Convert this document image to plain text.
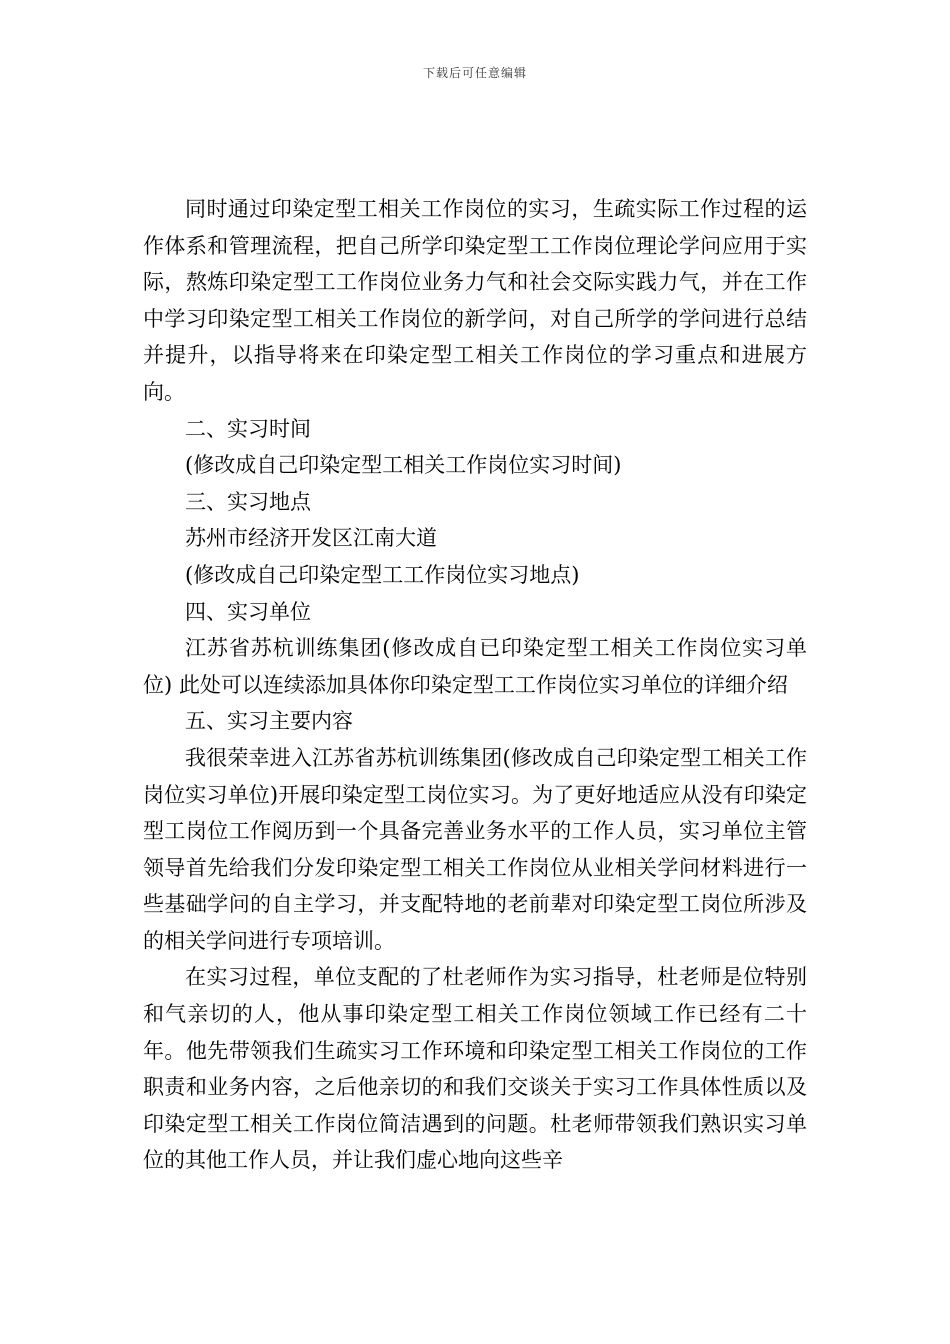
下载后可任意编辑

同时通过印染定型工相关工作岗位的实习，生疏实际工作过程的运作体系和管理流程，把自己所学印染定型工工作岗位理论学问应用于实际，熬炼印染定型工工作岗位业务力气和社会交际实践力气，并在工作中学习印染定型工相关工作岗位的新学问，对自己所学的学问进行总结并提升，以指导将来在印染定型工相关工作岗位的学习重点和进展方向。

二、实习时间

(修改成自己印染定型工相关工作岗位实习时间)

三、实习地点

苏州市经济开发区江南大道

(修改成自己印染定型工工作岗位实习地点)

四、实习单位

江苏省苏杭训练集团(修改成自已印染定型工相关工作岗位实习单位) 此处可以连续添加具体你印染定型工工作岗位实习单位的详细介绍

五、实习主要内容

我很荣幸进入江苏省苏杭训练集团(修改成自己印染定型工相关工作岗位实习单位)开展印染定型工岗位实习。为了更好地适应从没有印染定型工岗位工作阅历到一个具备完善业务水平的工作人员，实习单位主管领导首先给我们分发印染定型工相关工作岗位从业相关学问材料进行一些基础学问的自主学习，并支配特地的老前辈对印染定型工岗位所涉及的相关学问进行专项培训。

在实习过程，单位支配的了杜老师作为实习指导，杜老师是位特别和气亲切的人，他从事印染定型工相关工作岗位领域工作已经有二十年。他先带领我们生疏实习工作环境和印染定型工相关工作岗位的工作职责和业务内容，之后他亲切的和我们交谈关于实习工作具体性质以及印染定型工相关工作岗位简洁遇到的问题。杜老师带领我们熟识实习单位的其他工作人员，并让我们虚心地向这些辛
